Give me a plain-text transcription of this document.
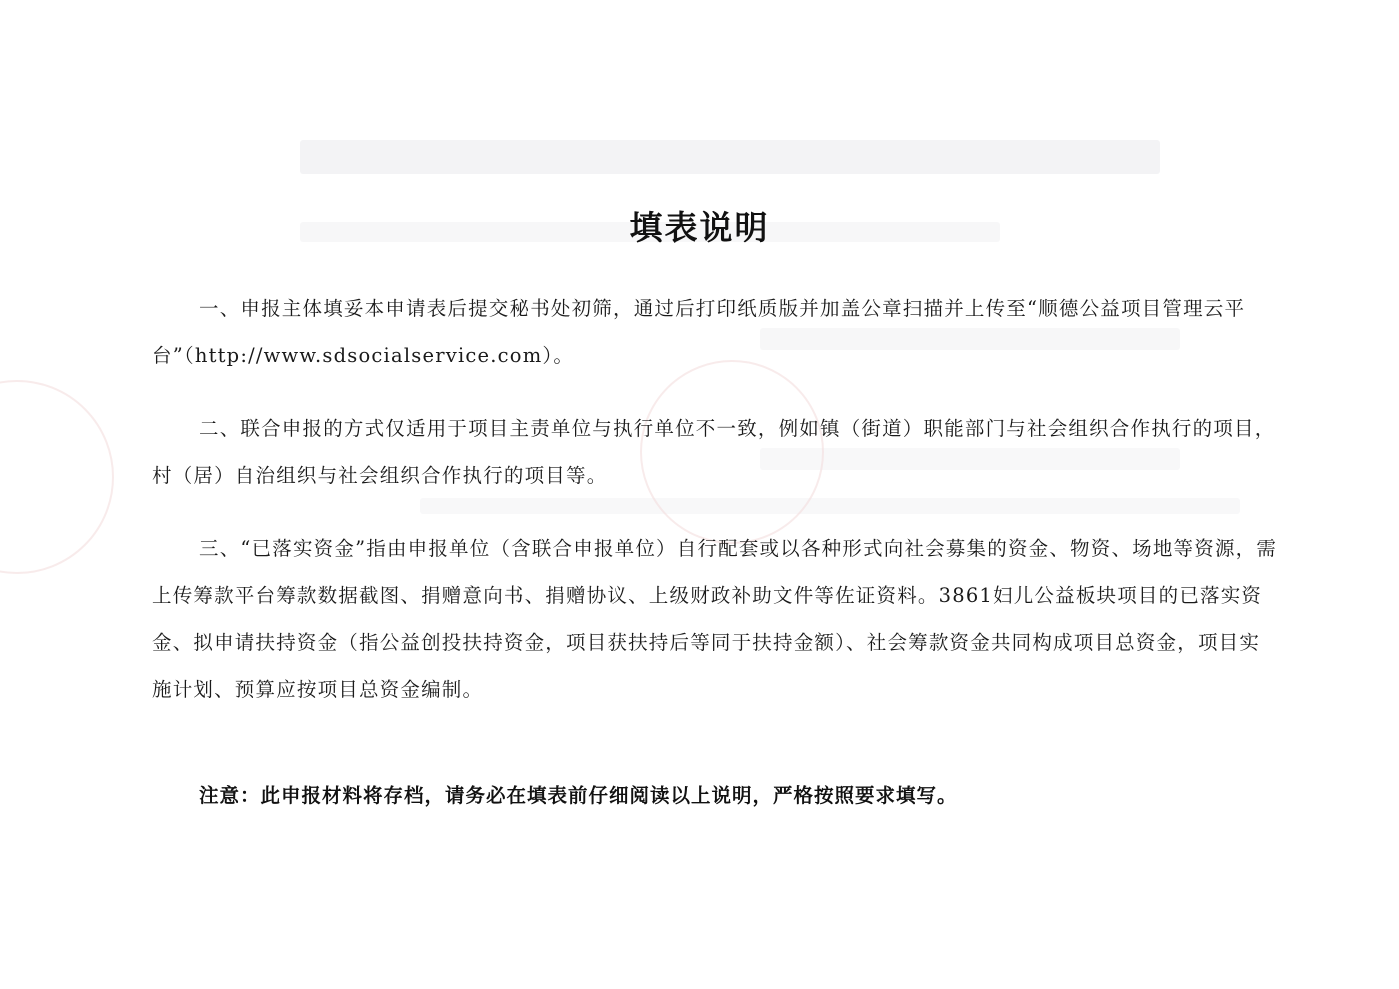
填表说明

一、申报主体填妥本申请表后提交秘书处初筛，通过后打印纸质版并加盖公章扫描并上传至“顺德公益项目管理云平台”（http://www.sdsocialservice.com）。

二、联合申报的方式仅适用于项目主责单位与执行单位不一致，例如镇（街道）职能部门与社会组织合作执行的项目，村（居）自治组织与社会组织合作执行的项目等。

三、“已落实资金”指由申报单位（含联合申报单位）自行配套或以各种形式向社会募集的资金、物资、场地等资源，需上传筹款平台筹款数据截图、捐赠意向书、捐赠协议、上级财政补助文件等佐证资料。3861妇儿公益板块项目的已落实资金、拟申请扶持资金（指公益创投扶持资金，项目获扶持后等同于扶持金额）、社会筹款资金共同构成项目总资金，项目实施计划、预算应按项目总资金编制。

注意：此申报材料将存档，请务必在填表前仔细阅读以上说明，严格按照要求填写。
